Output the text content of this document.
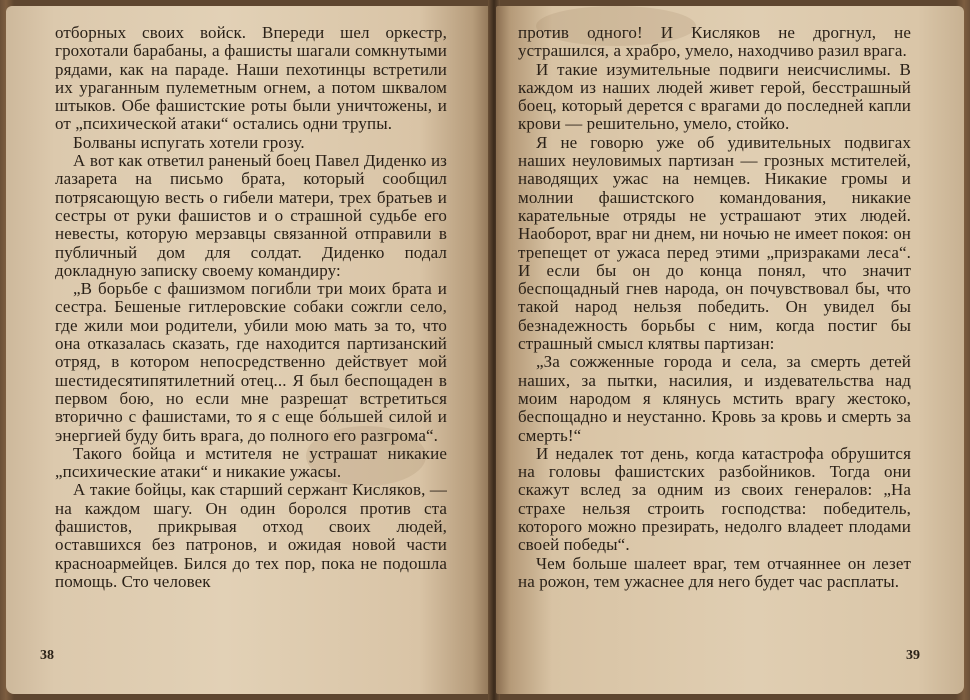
отборных своих войск. Впереди шел оркестр, грохотали барабаны, а фашисты шагали сомкнутыми рядами, как на параде. Наши пехотинцы встретили их ураганным пулеметным огнем, а потом шквалом штыков. Обе фашистские роты были уничтожены, и от „психической атаки“ остались одни трупы.

Болваны испугать хотели грозу.

А вот как ответил раненый боец Павел Диденко из лазарета на письмо брата, который сообщил потрясающую весть о гибели матери, трех братьев и сестры от руки фашистов и о страшной судьбе его невесты, которую мерзавцы связанной отправили в публичный дом для солдат. Диденко подал докладную записку своему командиру:

„В борьбе с фашизмом погибли три моих брата и сестра. Бешеные гитлеровские собаки сожгли село, где жили мои родители, убили мою мать за то, что она отказалась сказать, где находится партизанский отряд, в котором непосредственно действует мой шестидесятипятилетний отец... Я был беспощаден в первом бою, но если мне разрешат встретиться вторично с фашистами, то я с еще бо́льшей силой и энергией буду бить врага, до полного его разгрома“.

Такого бойца и мстителя не устрашат никакие „психические атаки“ и никакие ужасы.

А такие бойцы, как старший сержант Кисляков, — на каждом шагу. Он один боролся против ста фашистов, прикрывая отход своих людей, оставшихся без патронов, и ожидая новой части красноармейцев. Бился до тех пор, пока не подошла помощь. Сто человек

38

против одного! И Кисляков не дрогнул, не устрашился, а храбро, умело, находчиво разил врага.

И такие изумительные подвиги неисчислимы. В каждом из наших людей живет герой, бесстрашный боец, который дерется с врагами до последней капли крови — решительно, умело, стойко.

Я не говорю уже об удивительных подвигах наших неуловимых партизан — грозных мстителей, наводящих ужас на немцев. Никакие громы и молнии фашистского командования, никакие карательные отряды не устрашают этих людей. Наоборот, враг ни днем, ни ночью не имеет покоя: он трепещет от ужаса перед этими „призраками леса“. И если бы он до конца понял, что значит беспощадный гнев народа, он почувствовал бы, что такой народ нельзя победить. Он увидел бы безнадежность борьбы с ним, когда постиг бы страшный смысл клятвы партизан:

„За сожженные города и села, за смерть детей наших, за пытки, насилия, и издевательства над моим народом я клянусь мстить врагу жестоко, беспощадно и неустанно. Кровь за кровь и смерть за смерть!“

И недалек тот день, когда катастрофа обрушится на головы фашистских разбойников. Тогда они скажут вслед за одним из своих генералов: „На страхе нельзя строить господства: победитель, которого можно презирать, недолго владеет плодами своей победы“.

Чем больше шалеет враг, тем отчаяннее он лезет на рожон, тем ужаснее для него будет час расплаты.

39
